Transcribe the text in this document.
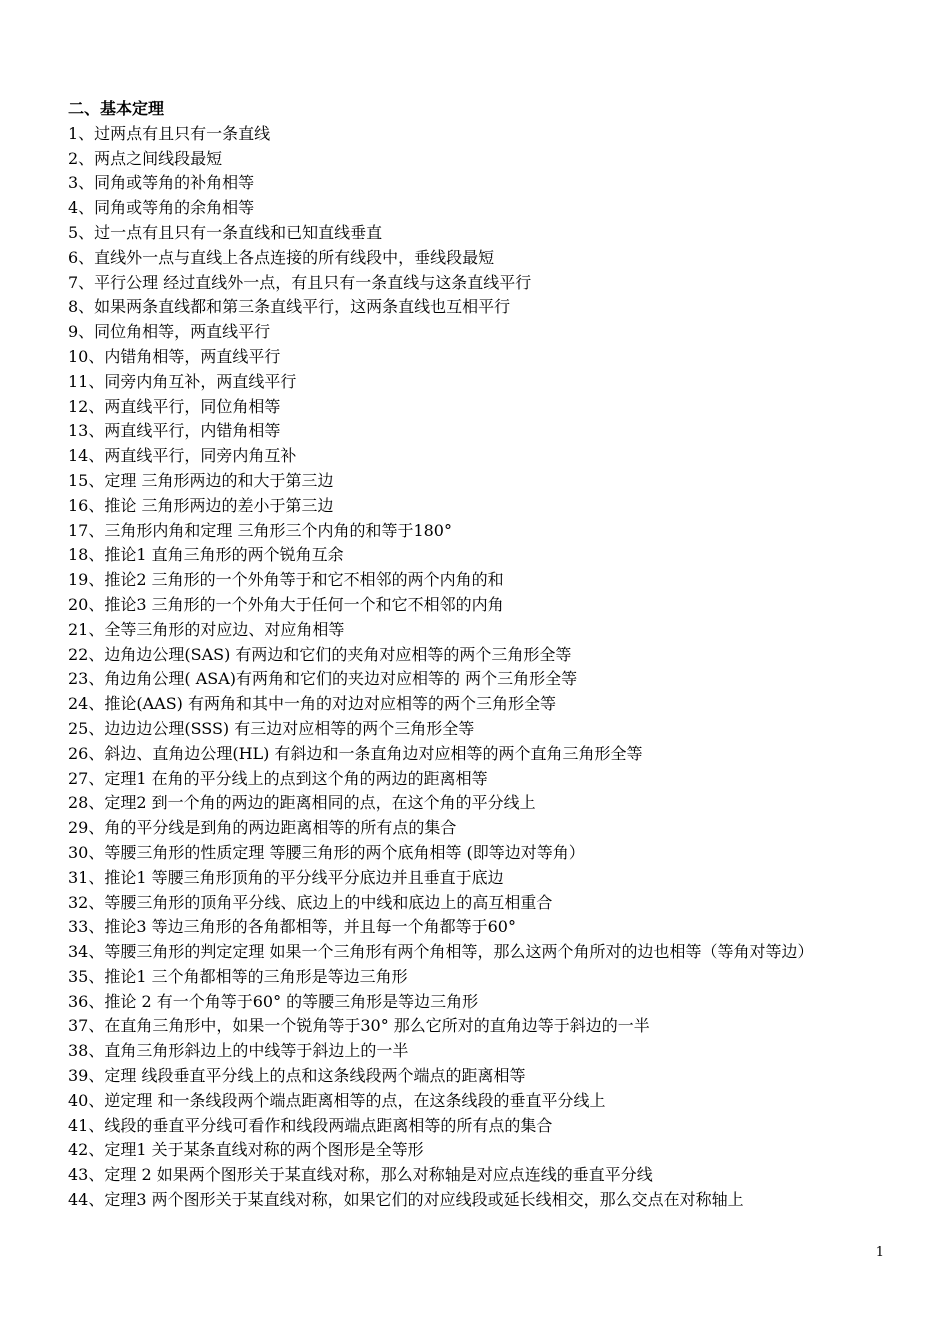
二、基本定理
1、过两点有且只有一条直线
2、两点之间线段最短
3、同角或等角的补角相等
4、同角或等角的余角相等
5、过一点有且只有一条直线和已知直线垂直
6、直线外一点与直线上各点连接的所有线段中，垂线段最短
7、平行公理 经过直线外一点，有且只有一条直线与这条直线平行
8、如果两条直线都和第三条直线平行，这两条直线也互相平行
9、同位角相等，两直线平行
10、内错角相等，两直线平行
11、同旁内角互补，两直线平行
12、两直线平行，同位角相等
13、两直线平行，内错角相等
14、两直线平行，同旁内角互补
15、定理 三角形两边的和大于第三边
16、推论 三角形两边的差小于第三边
17、三角形内角和定理 三角形三个内角的和等于180°
18、推论1 直角三角形的两个锐角互余
19、推论2 三角形的一个外角等于和它不相邻的两个内角的和
20、推论3 三角形的一个外角大于任何一个和它不相邻的内角
21、全等三角形的对应边、对应角相等
22、边角边公理(SAS) 有两边和它们的夹角对应相等的两个三角形全等
23、角边角公理( ASA)有两角和它们的夹边对应相等的 两个三角形全等
24、推论(AAS) 有两角和其中一角的对边对应相等的两个三角形全等
25、边边边公理(SSS) 有三边对应相等的两个三角形全等
26、斜边、直角边公理(HL) 有斜边和一条直角边对应相等的两个直角三角形全等
27、定理1 在角的平分线上的点到这个角的两边的距离相等
28、定理2 到一个角的两边的距离相同的点，在这个角的平分线上
29、角的平分线是到角的两边距离相等的所有点的集合
30、等腰三角形的性质定理 等腰三角形的两个底角相等 (即等边对等角）
31、推论1 等腰三角形顶角的平分线平分底边并且垂直于底边
32、等腰三角形的顶角平分线、底边上的中线和底边上的高互相重合
33、推论3 等边三角形的各角都相等，并且每一个角都等于60°
34、等腰三角形的判定定理 如果一个三角形有两个角相等，那么这两个角所对的边也相等（等角对等边）
35、推论1 三个角都相等的三角形是等边三角形
36、推论 2 有一个角等于60° 的等腰三角形是等边三角形
37、在直角三角形中，如果一个锐角等于30° 那么它所对的直角边等于斜边的一半
38、直角三角形斜边上的中线等于斜边上的一半
39、定理 线段垂直平分线上的点和这条线段两个端点的距离相等
40、逆定理 和一条线段两个端点距离相等的点，在这条线段的垂直平分线上
41、线段的垂直平分线可看作和线段两端点距离相等的所有点的集合
42、定理1 关于某条直线对称的两个图形是全等形
43、定理 2 如果两个图形关于某直线对称，那么对称轴是对应点连线的垂直平分线
44、定理3 两个图形关于某直线对称，如果它们的对应线段或延长线相交，那么交点在对称轴上
1
